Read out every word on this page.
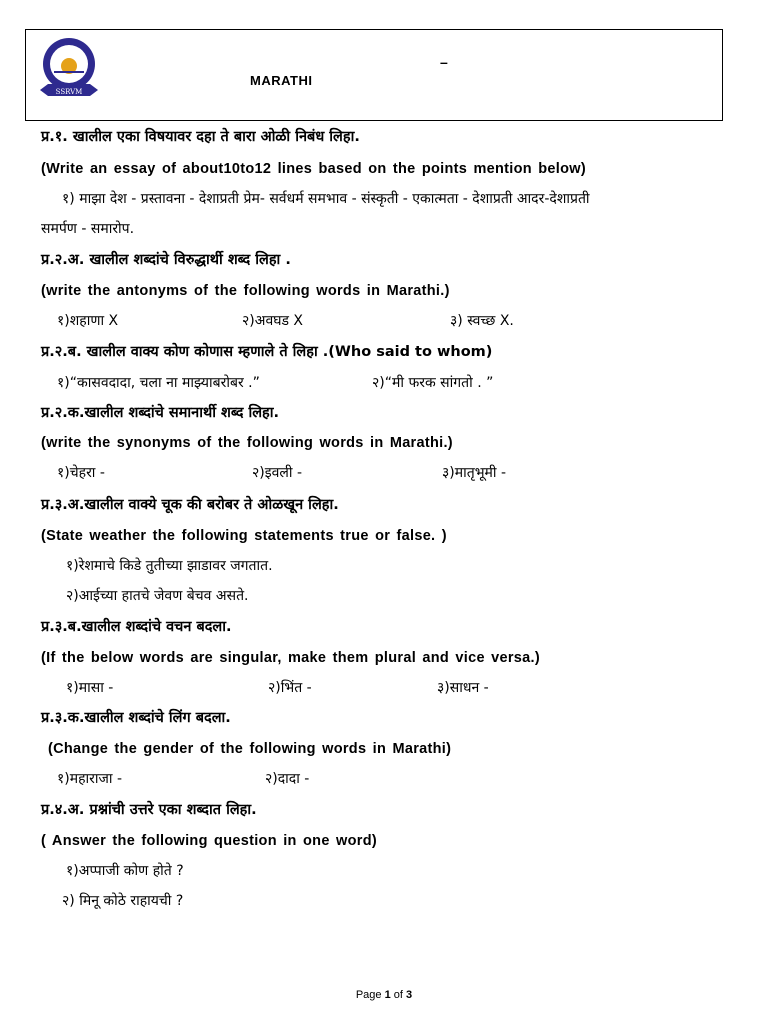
SSRVM
–
MARATHI
प्र.१. खालील एका विषयावर दहा ते बारा ओळी निबंध लिहा.
(Write an essay of about10to12 lines based on the points mention below)
१) माझा देश - प्रस्तावना - देशाप्रती प्रेम- सर्वधर्म समभाव - संस्कृती - एकात्मता - देशाप्रती आदर-देशाप्रती
समर्पण - समारोप.
प्र.२.अ. खालील शब्दांचे विरुद्धार्थी शब्द लिहा .
(write the antonyms of the following words in Marathi.)
१)शहाणा X	२)अवघड X	३) स्वच्छ X.
प्र.२.ब. खालील वाक्य कोण कोणास म्हणाले ते लिहा .(Who said to whom)
१)“कासवदादा, चला ना माझ्याबरोबर .”	२)“मी फरक सांगतो . ”
प्र.२.क.खालील शब्दांचे समानार्थी शब्द लिहा.
(write the synonyms of the following words in Marathi.)
१)चेहरा -	२)इवली -	३)मातृभूमी -
प्र.३.अ.खालील वाक्ये चूक की बरोबर ते ओळखून लिहा.
(State weather the following statements true or false. )
१)रेशमाचे किडे तुतीच्या झाडावर जगतात.
२)आईच्या हातचे जेवण बेचव असते.
प्र.३.ब.खालील शब्दांचे वचन बदला.
(If the below words are singular, make them plural and vice versa.)
१)मासा -	२)भिंत -	३)साधन -
प्र.३.क.खालील शब्दांचे लिंग बदला.
(Change the gender of the following words in Marathi)
१)महाराजा -	२)दादा -
प्र.४.अ. प्रश्नांची उत्तरे एका शब्दात लिहा.
( Answer the following question in one word)
१)अप्पाजी कोण होते ?
२) मिनू कोठे राहायची ?
Page 1 of 3
